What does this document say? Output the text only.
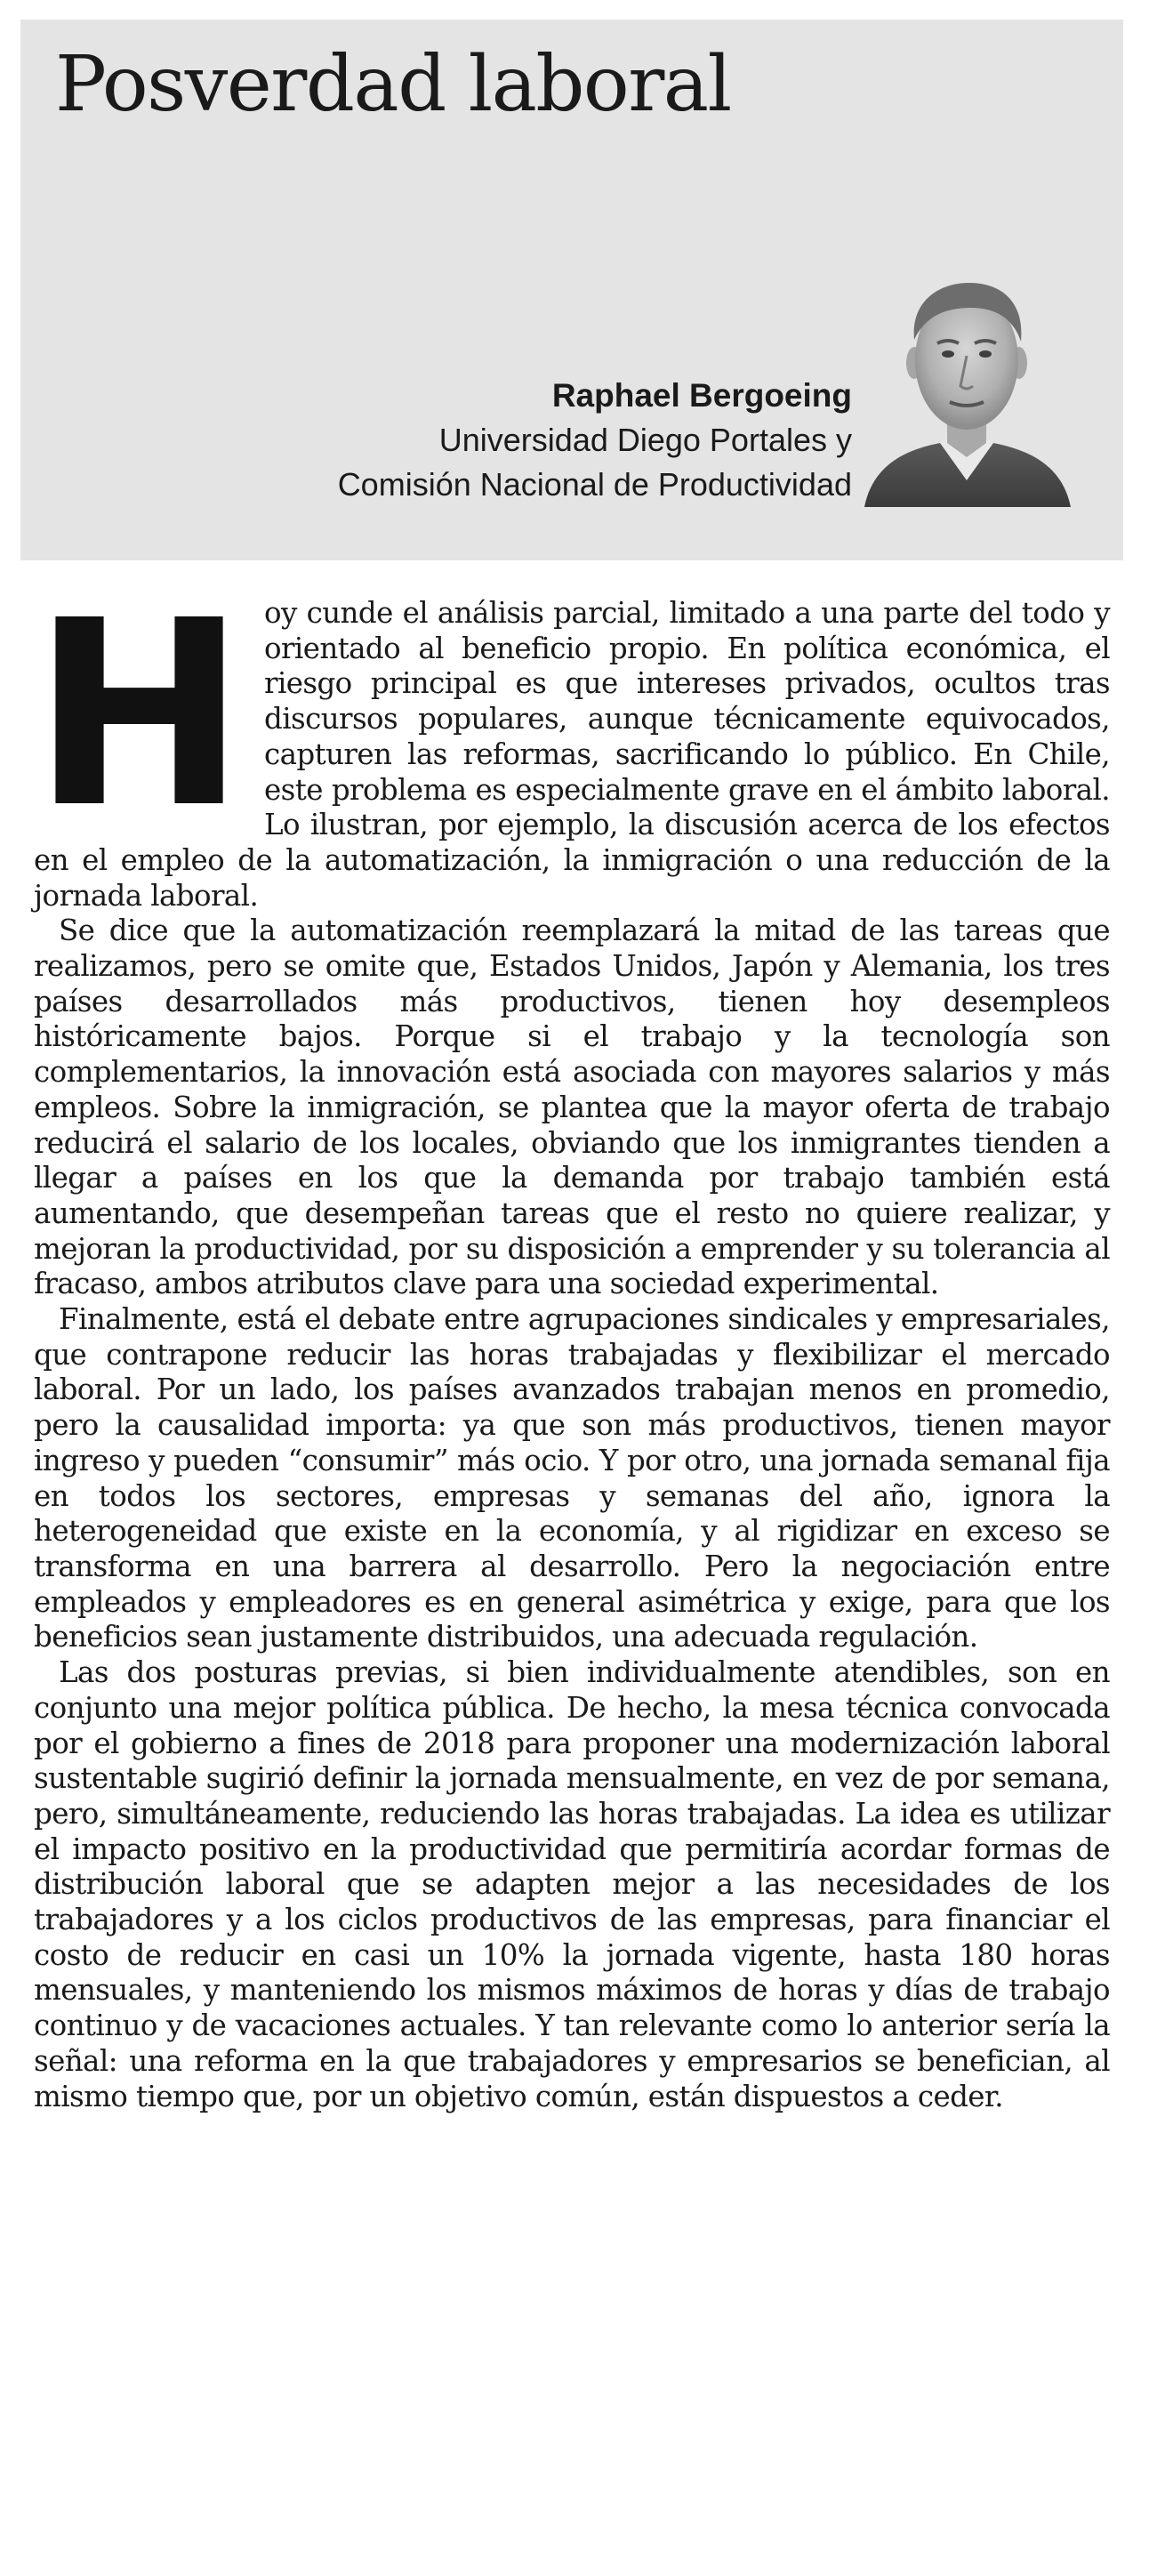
Posverdad laboral
Raphael Bergoeing
Universidad Diego Portales y
Comisión Nacional de Productividad

Hoy cunde el análisis parcial, limitado a una parte del todo y orientado al beneficio propio. En política económica, el riesgo principal es que intereses privados, ocultos tras discursos populares, aunque técnicamente equivocados, capturen las reformas, sacrificando lo público. En Chile, este problema es especialmente grave en el ámbito laboral. Lo ilustran, por ejemplo, la discusión acerca de los efectos en el empleo de la automatización, la inmigración o una reducción de la jornada laboral.

Se dice que la automatización reemplazará la mitad de las tareas que realizamos, pero se omite que, Estados Unidos, Japón y Alemania, los tres países desarrollados más productivos, tienen hoy desempleos históricamente bajos. Porque si el trabajo y la tecnología son complementarios, la innovación está asociada con mayores salarios y más empleos. Sobre la inmigración, se plantea que la mayor oferta de trabajo reducirá el salario de los locales, obviando que los inmigrantes tienden a llegar a países en los que la demanda por trabajo también está aumentando, que desempeñan tareas que el resto no quiere realizar, y mejoran la productividad, por su disposición a emprender y su tolerancia al fracaso, ambos atributos clave para una sociedad experimental.

Finalmente, está el debate entre agrupaciones sindicales y empresariales, que contrapone reducir las horas trabajadas y flexibilizar el mercado laboral. Por un lado, los países avanzados trabajan menos en promedio, pero la causalidad importa: ya que son más productivos, tienen mayor ingreso y pueden “consumir” más ocio. Y por otro, una jornada semanal fija en todos los sectores, empresas y semanas del año, ignora la heterogeneidad que existe en la economía, y al rigidizar en exceso se transforma en una barrera al desarrollo. Pero la negociación entre empleados y empleadores es en general asimétrica y exige, para que los beneficios sean justamente distribuidos, una adecuada regulación.

Las dos posturas previas, si bien individualmente atendibles, son en conjunto una mejor política pública. De hecho, la mesa técnica convocada por el gobierno a fines de 2018 para proponer una modernización laboral sustentable sugirió definir la jornada mensualmente, en vez de por semana, pero, simultáneamente, reduciendo las horas trabajadas. La idea es utilizar el impacto positivo en la productividad que permitiría acordar formas de distribución laboral que se adapten mejor a las necesidades de los trabajadores y a los ciclos productivos de las empresas, para financiar el costo de reducir en casi un 10% la jornada vigente, hasta 180 horas mensuales, y manteniendo los mismos máximos de horas y días de trabajo continuo y de vacaciones actuales. Y tan relevante como lo anterior sería la señal: una reforma en la que trabajadores y empresarios se benefician, al mismo tiempo que, por un objetivo común, están dispuestos a ceder.
